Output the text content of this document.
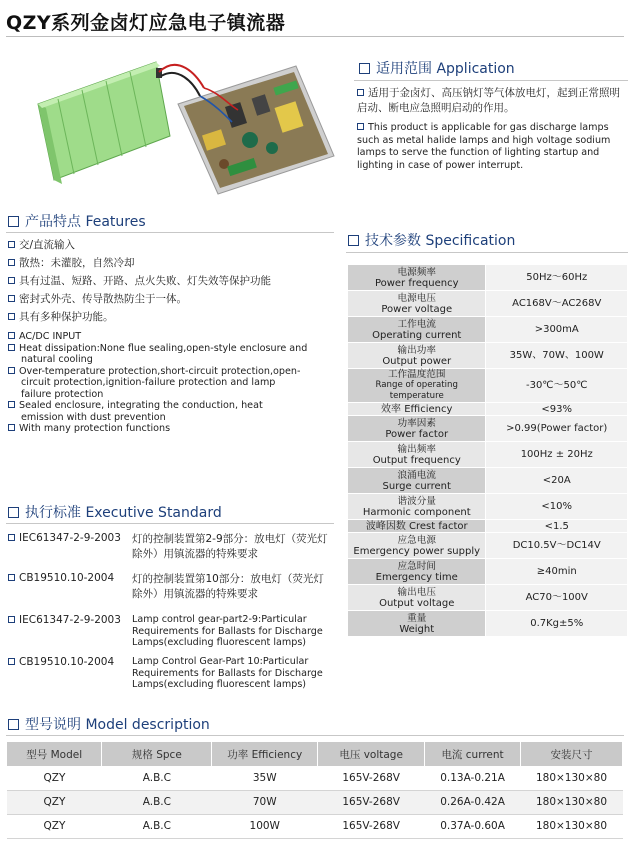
QZY系列金卤灯应急电子镇流器
适用范围 Application
适用于金卤灯、高压钠灯等气体放电灯，起到正常照明启动、断电应急照明启动的作用。
This product is applicable for gas discharge lamps such as metal halide lamps and high voltage sodium lamps to serve the function of lighting startup and lighting in case of power interrupt.
产品特点 Features
交/直流输入
散热：未灌胶，自然冷却
具有过温、短路、开路、点火失败、灯失效等保护功能
密封式外壳、传导散热防尘于一体。
具有多种保护功能。
AC/DC INPUT
Heat dissipation:None flue sealing,open-style enclosure and natural cooling
Over-temperature protection,short-circuit protection,open-circuit protection,ignition-failure protection and lamp failure protection
Sealed enclosure, integrating the conduction, heat emission with dust prevention
With many protection functions
执行标准 Executive Standard
IEC61347-2-9-2003 灯的控制装置第2-9部分：放电灯（荧光灯除外）用镇流器的特殊要求
CB19510.10-2004 灯的控制装置第10部分：放电灯（荧光灯除外）用镇流器的特殊要求
IEC61347-2-9-2003 Lamp control gear-part2-9:Particular Requirements for Ballasts for Discharge Lamps(excluding fluorescent lamps)
CB19510.10-2004 Lamp Control Gear-Part 10:Particular Requirements for Ballasts for Discharge Lamps(excluding fluorescent lamps)
技术参数 Specification
电源频率
Power frequency	50Hz～60Hz

电源电压
Power voltage	AC168V～AC268V

工作电流
Operating current	>300mA

输出功率
Output power	35W、70W、100W

工作温度范围
Range of operating temperature	-30℃～50℃

效率 Efficiency	<93%

功率因素
Power factor	>0.99(Power factor)

输出频率
Output frequency	100Hz ± 20Hz

浪涌电流
Surge current	<20A

谐波分量
Harmonic component	<10%

波峰因数 Crest factor	<1.5

应急电源
Emergency power supply	DC10.5V～DC14V

应急时间
Emergency time	≥40min

输出电压
Output voltage	AC70～100V

重量
Weight	0.7Kg±5%
型号说明 Model description
型号 Model	规格 Spce	功率 Efficiency	电压 voltage	电流 current	安装尺寸
QZY	A.B.C	35W	165V-268V	0.13A-0.21A	180×130×80
QZY	A.B.C	70W	165V-268V	0.26A-0.42A	180×130×80
QZY	A.B.C	100W	165V-268V	0.37A-0.60A	180×130×80
